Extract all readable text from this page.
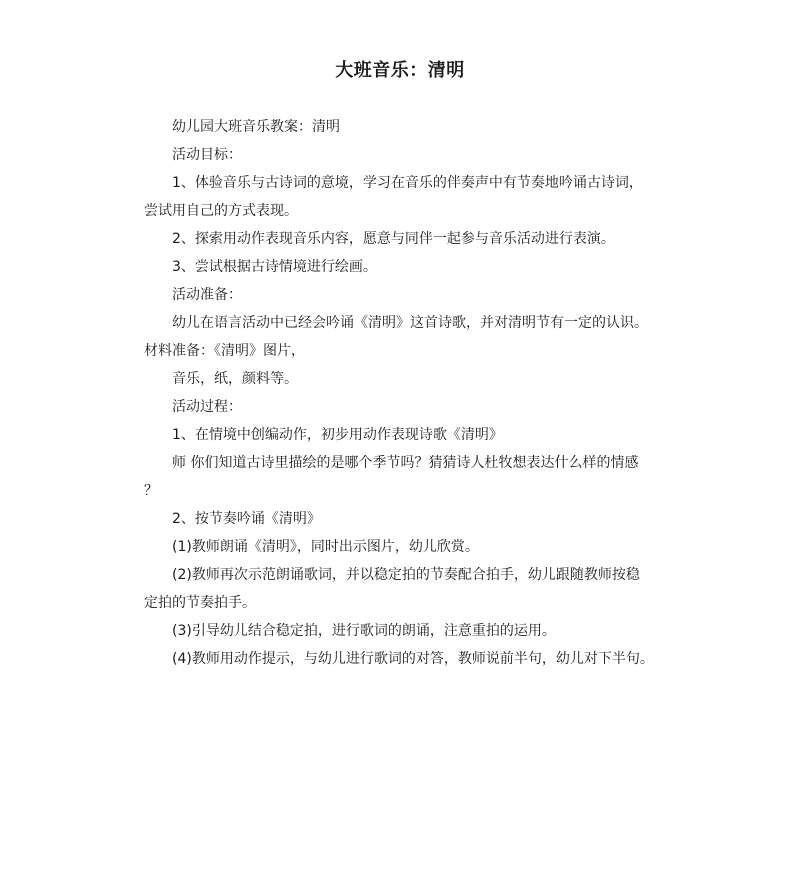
大班音乐：清明

幼儿园大班音乐教案：清明

活动目标：

1、体验音乐与古诗词的意境，学习在音乐的伴奏声中有节奏地吟诵古诗词，

尝试用自己的方式表现。

2、探索用动作表现音乐内容，愿意与同伴一起参与音乐活动进行表演。

3、尝试根据古诗情境进行绘画。

活动准备：

幼儿在语言活动中已经会吟诵《清明》这首诗歌，并对清明节有一定的认识。

材料准备：《清明》图片，

音乐，纸，颜料等。

活动过程：

1、在情境中创编动作，初步用动作表现诗歌《清明》

师 你们知道古诗里描绘的是哪个季节吗？猜猜诗人杜牧想表达什么样的情感

？

2、按节奏吟诵《清明》

(1)教师朗诵《清明》，同时出示图片，幼儿欣赏。

(2)教师再次示范朗诵歌词，并以稳定拍的节奏配合拍手，幼儿跟随教师按稳

定拍的节奏拍手。

(3)引导幼儿结合稳定拍，进行歌词的朗诵，注意重拍的运用。

(4)教师用动作提示，与幼儿进行歌词的对答，教师说前半句，幼儿对下半句。
